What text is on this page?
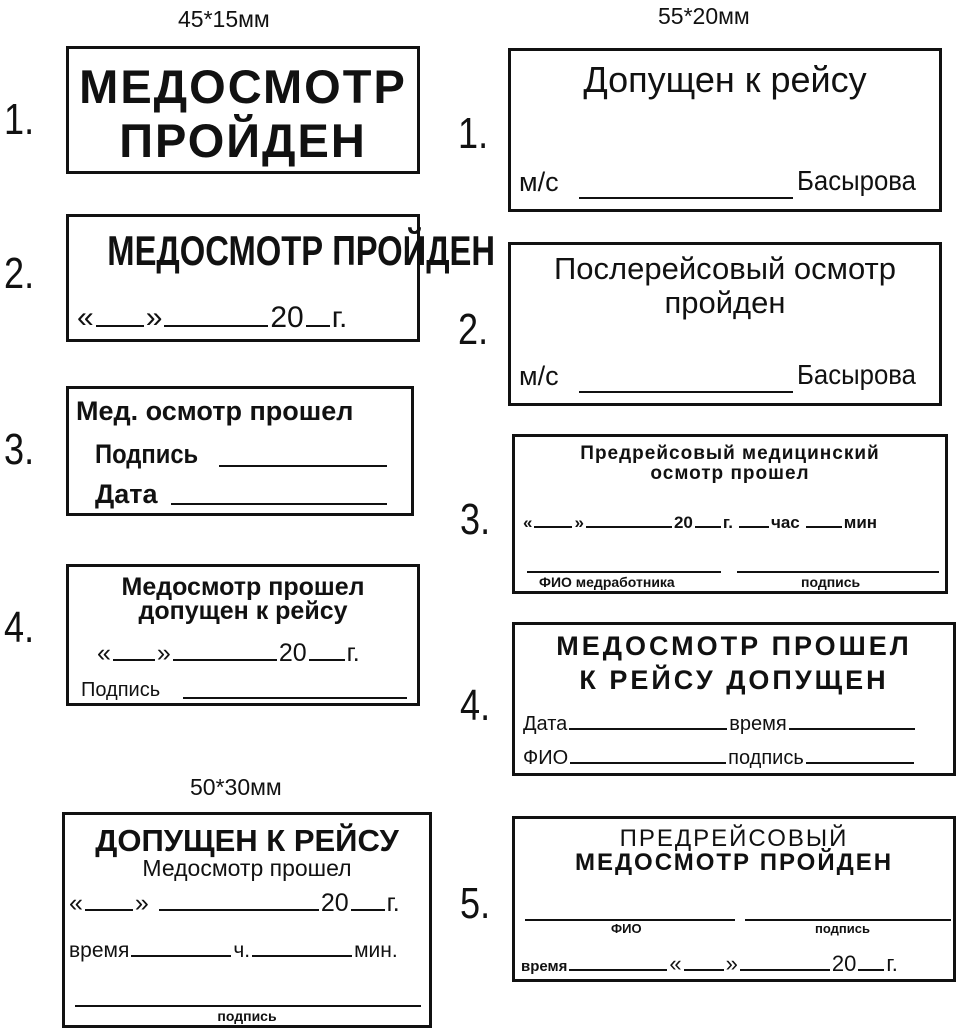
45*15мм	55*20мм
50*30мм
1.
МЕДОСМОТР
ПРОЙДЕН
2. МЕДОСМОТР ПРОЙДЕН
« »	20 г.
3.
Мед. осмотр прошел
Подпись
Дата
4.
Медосмотр прошел
допущен к рейсу
« »	20 г.
Подпись
ДОПУЩЕН К РЕЙСУ
Медосмотр прошел
« »	20 г.
время	ч.	мин.
подпись
1.
Допущен к рейсу
м/с	Басырова
2.
Послерейсовый осмотр
пройден
м/с	Басырова
3.
Предрейсовый медицинский
осмотр прошел
« »	20 г. час	мин
ФИО медработника	подпись
4.
МЕДОСМОТР ПРОШЕЛ
К РЕЙСУ ДОПУЩЕН
Дата	время
ФИО	подпись
5.
ПРЕДРЕЙСОВЫЙ
МЕДОСМОТР ПРОЙДЕН
ФИО	подпись
время	« »	20 г.
